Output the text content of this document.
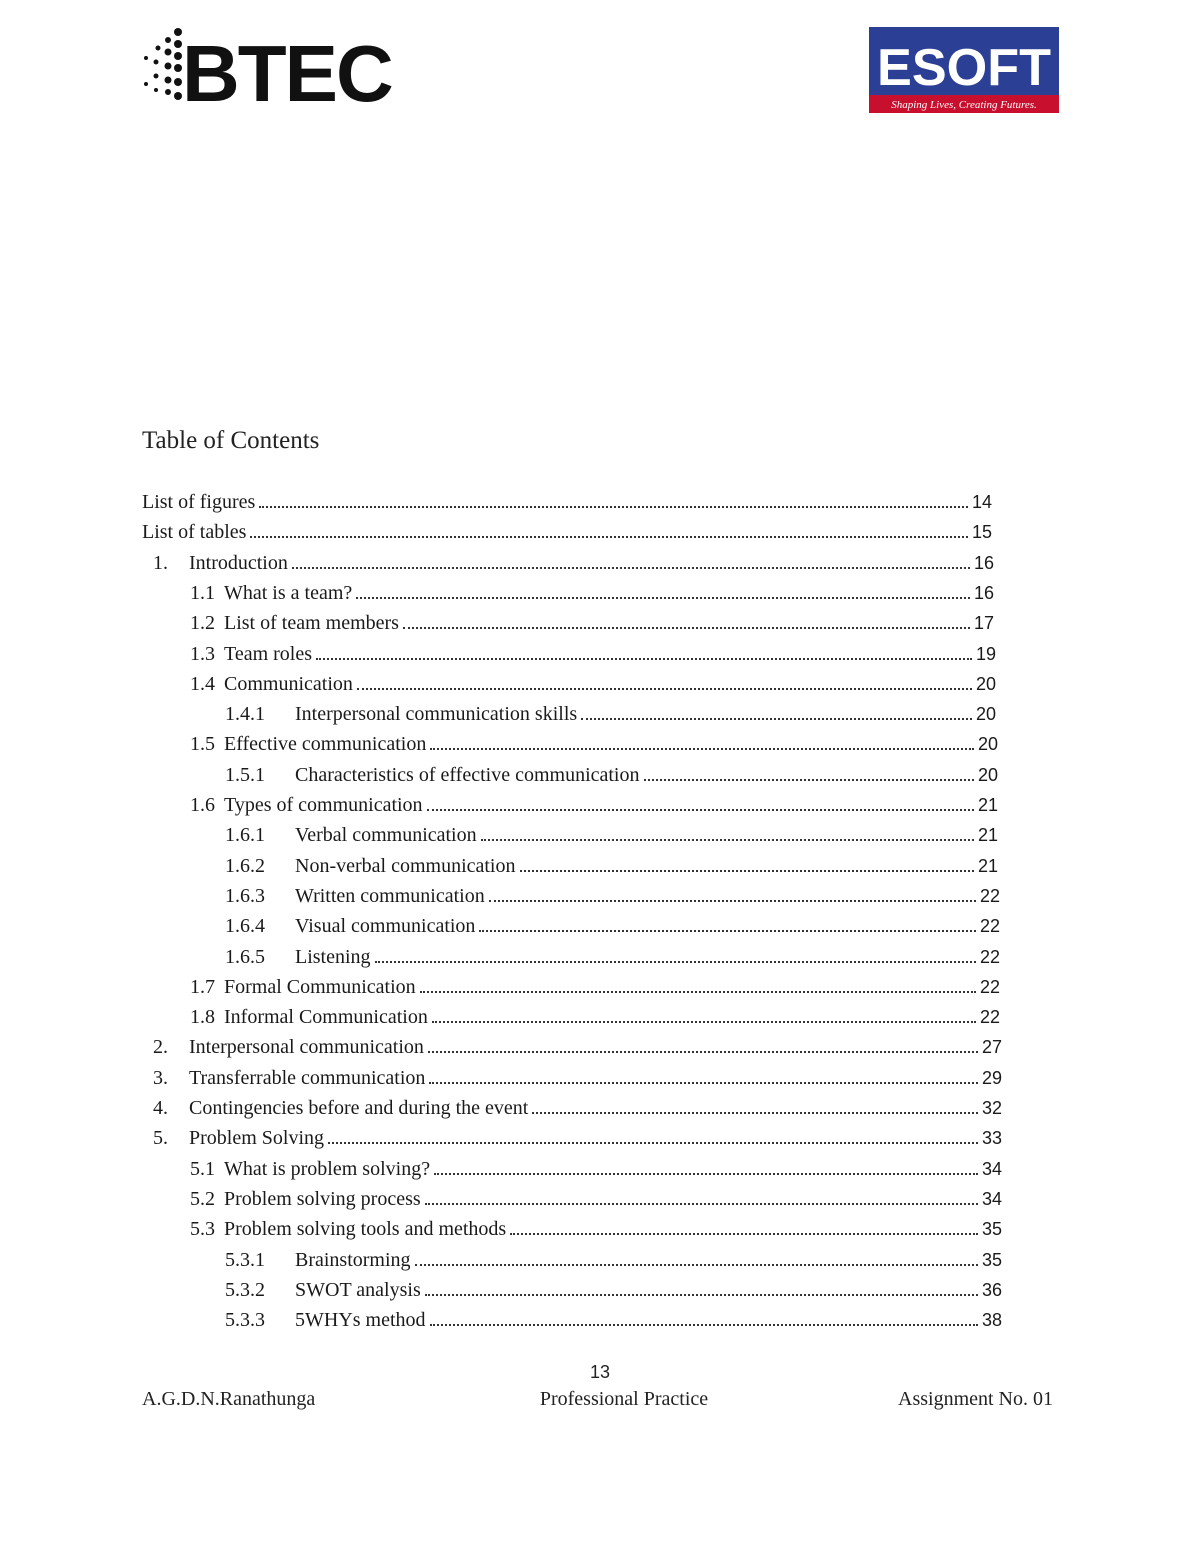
BTEC	ESOFT
Shaping Lives, Creating Futures.
Table of Contents
List of figures	14
List of tables	15
1.	Introduction	16
1.1 What is a team?	16
1.2 List of team members	17
1.3 Team roles	19
1.4 Communication	20
1.4.1	Interpersonal communication skills	20
1.5 Effective communication	20
1.5.1	Characteristics of effective communication	20
1.6 Types of communication	21
1.6.1	Verbal communication	21
1.6.2	Non-verbal communication	21
1.6.3	Written communication	22
1.6.4	Visual communication	22
1.6.5	Listening	22
1.7 Formal Communication	22
1.8 Informal Communication	22
2.	Interpersonal communication	27
3.	Transferrable communication	29
4.	Contingencies before and during the event	32
5.	Problem Solving	33
5.1 What is problem solving?	34
5.2 Problem solving process	34
5.3 Problem solving tools and methods	35
5.3.1	Brainstorming	35
5.3.2	SWOT analysis	36
5.3.3	5WHYs method	38
13
A.G.D.N.Ranathunga	Professional Practice	Assignment No. 01
